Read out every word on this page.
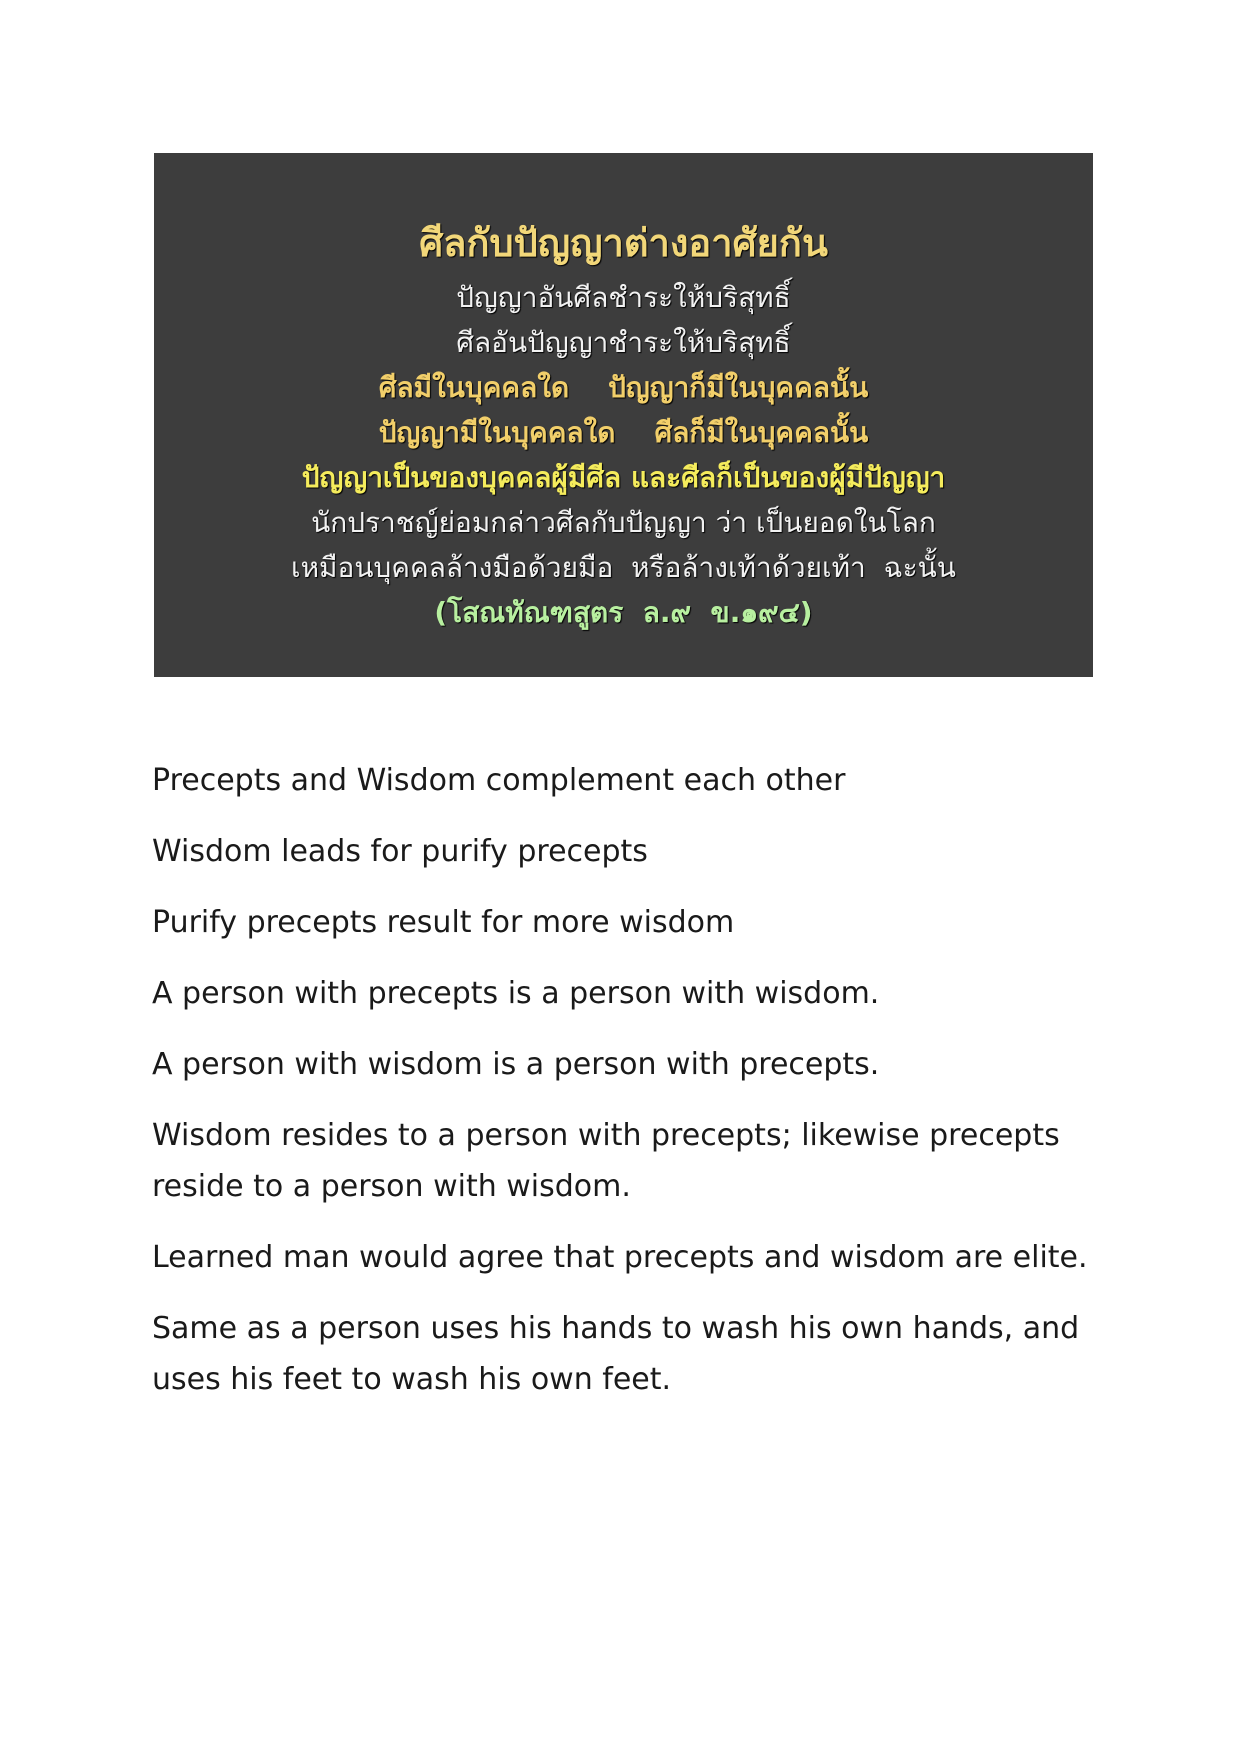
ศีลกับปัญญาต่างอาศัยกัน
ปัญญาอันศีลชำระให้บริสุทธิ์
ศีลอันปัญญาชำระให้บริสุทธิ์
ศีลมีในบุคคลใด    ปัญญาก็มีในบุคคลนั้น
ปัญญามีในบุคคลใด    ศีลก็มีในบุคคลนั้น
ปัญญาเป็นของบุคคลผู้มีศีล และศีลก็เป็นของผู้มีปัญญา
นักปราชญ์ย่อมกล่าวศีลกับปัญญา ว่า เป็นยอดในโลก
เหมือนบุคคลล้างมือด้วยมือ  หรือล้างเท้าด้วยเท้า  ฉะนั้น
(โสณทัณฑสูตร  ล.๙  ข.๑๙๔)

Precepts and Wisdom complement each other

Wisdom leads for purify precepts

Purify precepts result for more wisdom

A person with precepts is a person with wisdom.

A person with wisdom is a person with precepts.

Wisdom resides to a person with precepts; likewise precepts reside to a person with wisdom.

Learned man would agree that precepts and wisdom are elite.

Same as a person uses his hands to wash his own hands, and uses his feet to wash his own feet.
